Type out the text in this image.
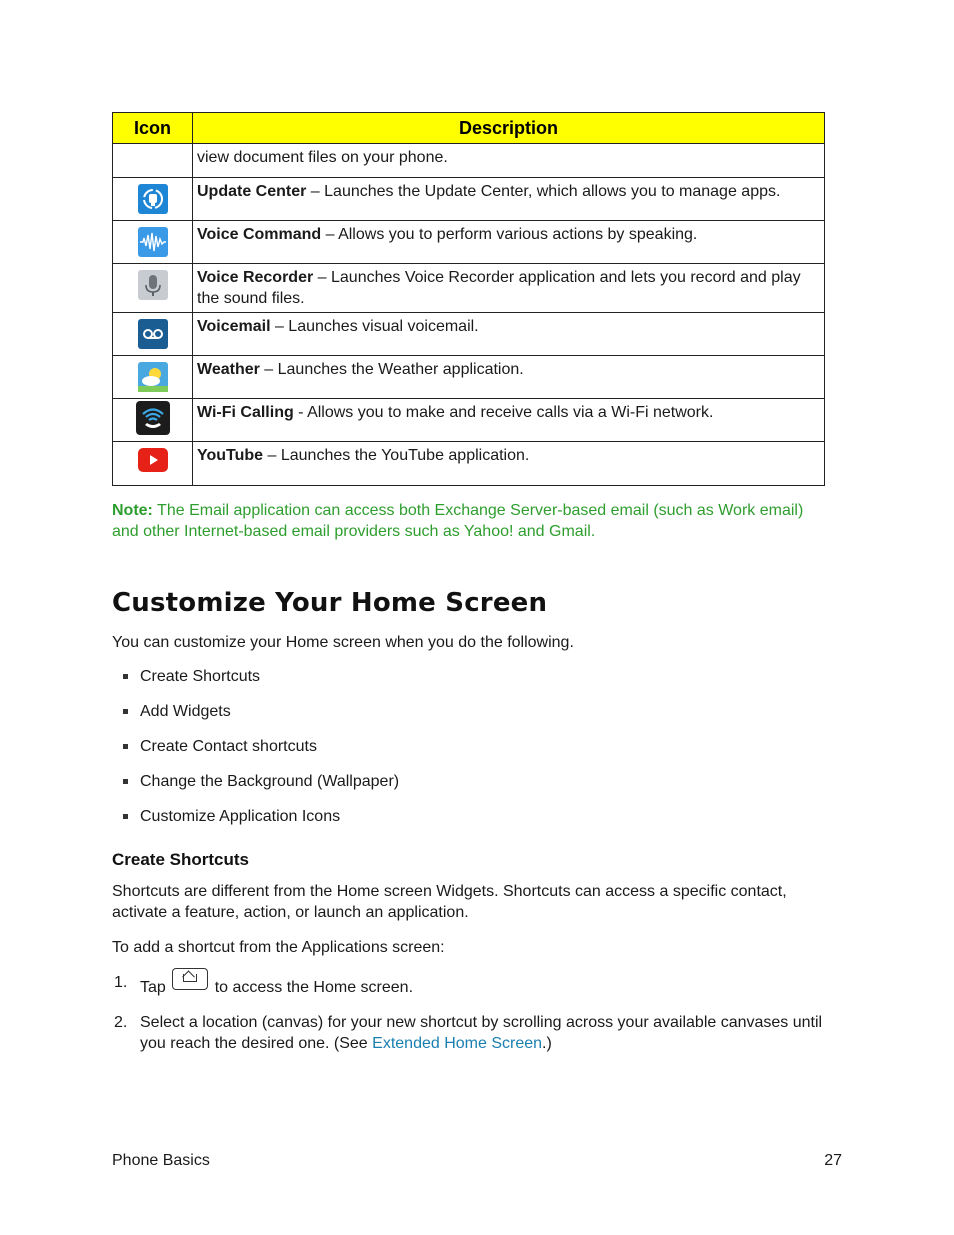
Icon	Description
	view document files on your phone.
	Update Center – Launches the Update Center, which allows you to manage apps.
	Voice Command – Allows you to perform various actions by speaking.
	Voice Recorder – Launches Voice Recorder application and lets you record and play the sound files.
	Voicemail – Launches visual voicemail.
	Weather – Launches the Weather application.
	Wi-Fi Calling - Allows you to make and receive calls via a Wi-Fi network.
	YouTube – Launches the YouTube application.
Note: The Email application can access both Exchange Server-based email (such as Work email) and other Internet-based email providers such as Yahoo! and Gmail.
Customize Your Home Screen
You can customize your Home screen when you do the following.
Create Shortcuts
Add Widgets
Create Contact shortcuts
Change the Background (Wallpaper)
Customize Application Icons
Create Shortcuts
Shortcuts are different from the Home screen Widgets. Shortcuts can access a specific contact, activate a feature, action, or launch an application.
To add a shortcut from the Applications screen:
1. Tap	to access the Home screen.
2. Select a location (canvas) for your new shortcut by scrolling across your available canvases until you reach the desired one. (See Extended Home Screen.)
Phone Basics	27
